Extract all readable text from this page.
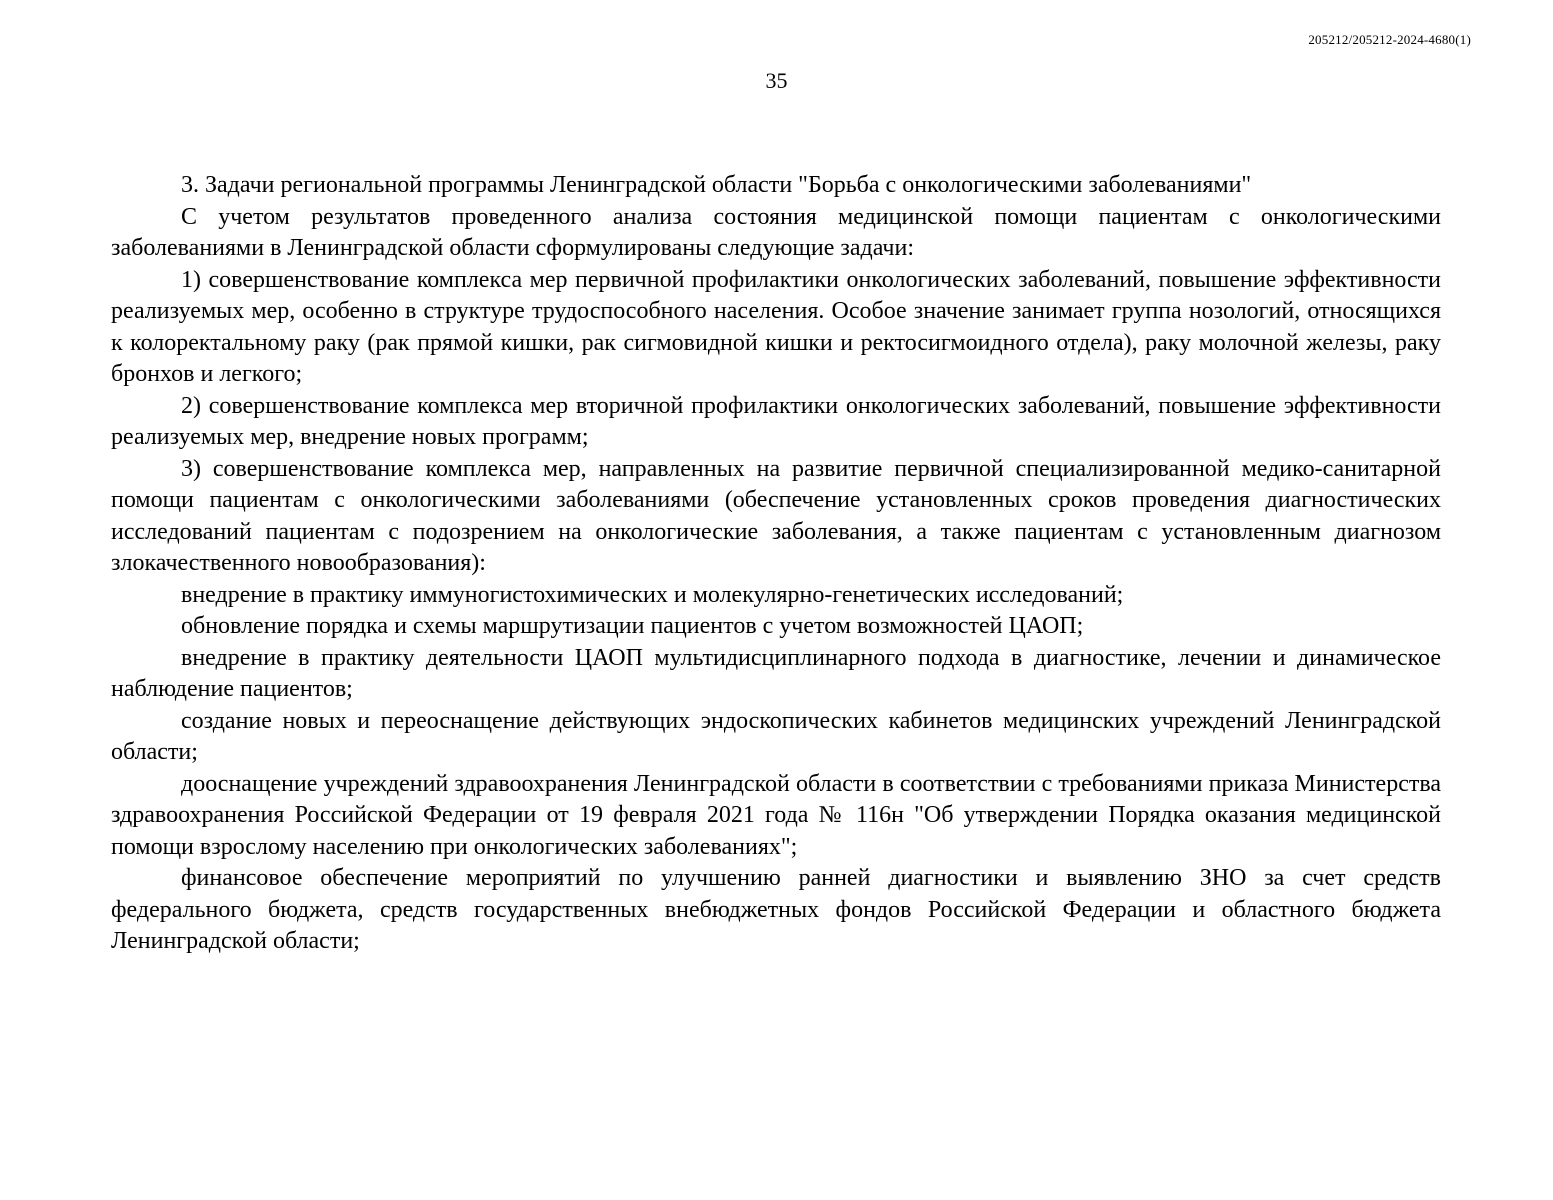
205212/205212-2024-4680(1)
35

3. Задачи региональной программы Ленинградской области "Борьба с онкологическими заболеваниями"

С учетом результатов проведенного анализа состояния медицинской помощи пациентам с онкологическими заболеваниями в Ленинградской области сформулированы следующие задачи:

1) совершенствование комплекса мер первичной профилактики онкологических заболеваний, повышение эффективности реализуемых мер, особенно в структуре трудоспособного населения. Особое значение занимает группа нозологий, относящихся к колоректальному раку (рак прямой кишки, рак сигмовидной кишки и ректосигмоидного отдела), раку молочной железы, раку бронхов и легкого;

2) совершенствование комплекса мер вторичной профилактики онкологических заболеваний, повышение эффективности реализуемых мер, внедрение новых программ;

3) совершенствование комплекса мер, направленных на развитие первичной специализированной медико-санитарной помощи пациентам с онкологическими заболеваниями (обеспечение установленных сроков проведения диагностических исследований пациентам с подозрением на онкологические заболевания, а также пациентам с установленным диагнозом злокачественного новообразования):

внедрение в практику иммуногистохимических и молекулярно-генетических исследований;

обновление порядка и схемы маршрутизации пациентов с учетом возможностей ЦАОП;

внедрение в практику деятельности ЦАОП мультидисциплинарного подхода в диагностике, лечении и динамическое наблюдение пациентов;

создание новых и переоснащение действующих эндоскопических кабинетов медицинских учреждений Ленинградской области;

дооснащение учреждений здравоохранения Ленинградской области в соответствии с требованиями приказа Министерства здравоохранения Российской Федерации от 19 февраля 2021 года № 116н "Об утверждении Порядка оказания медицинской помощи взрослому населению при онкологических заболеваниях";

финансовое обеспечение мероприятий по улучшению ранней диагностики и выявлению ЗНО за счет средств федерального бюджета, средств государственных внебюджетных фондов Российской Федерации и областного бюджета Ленинградской области;
